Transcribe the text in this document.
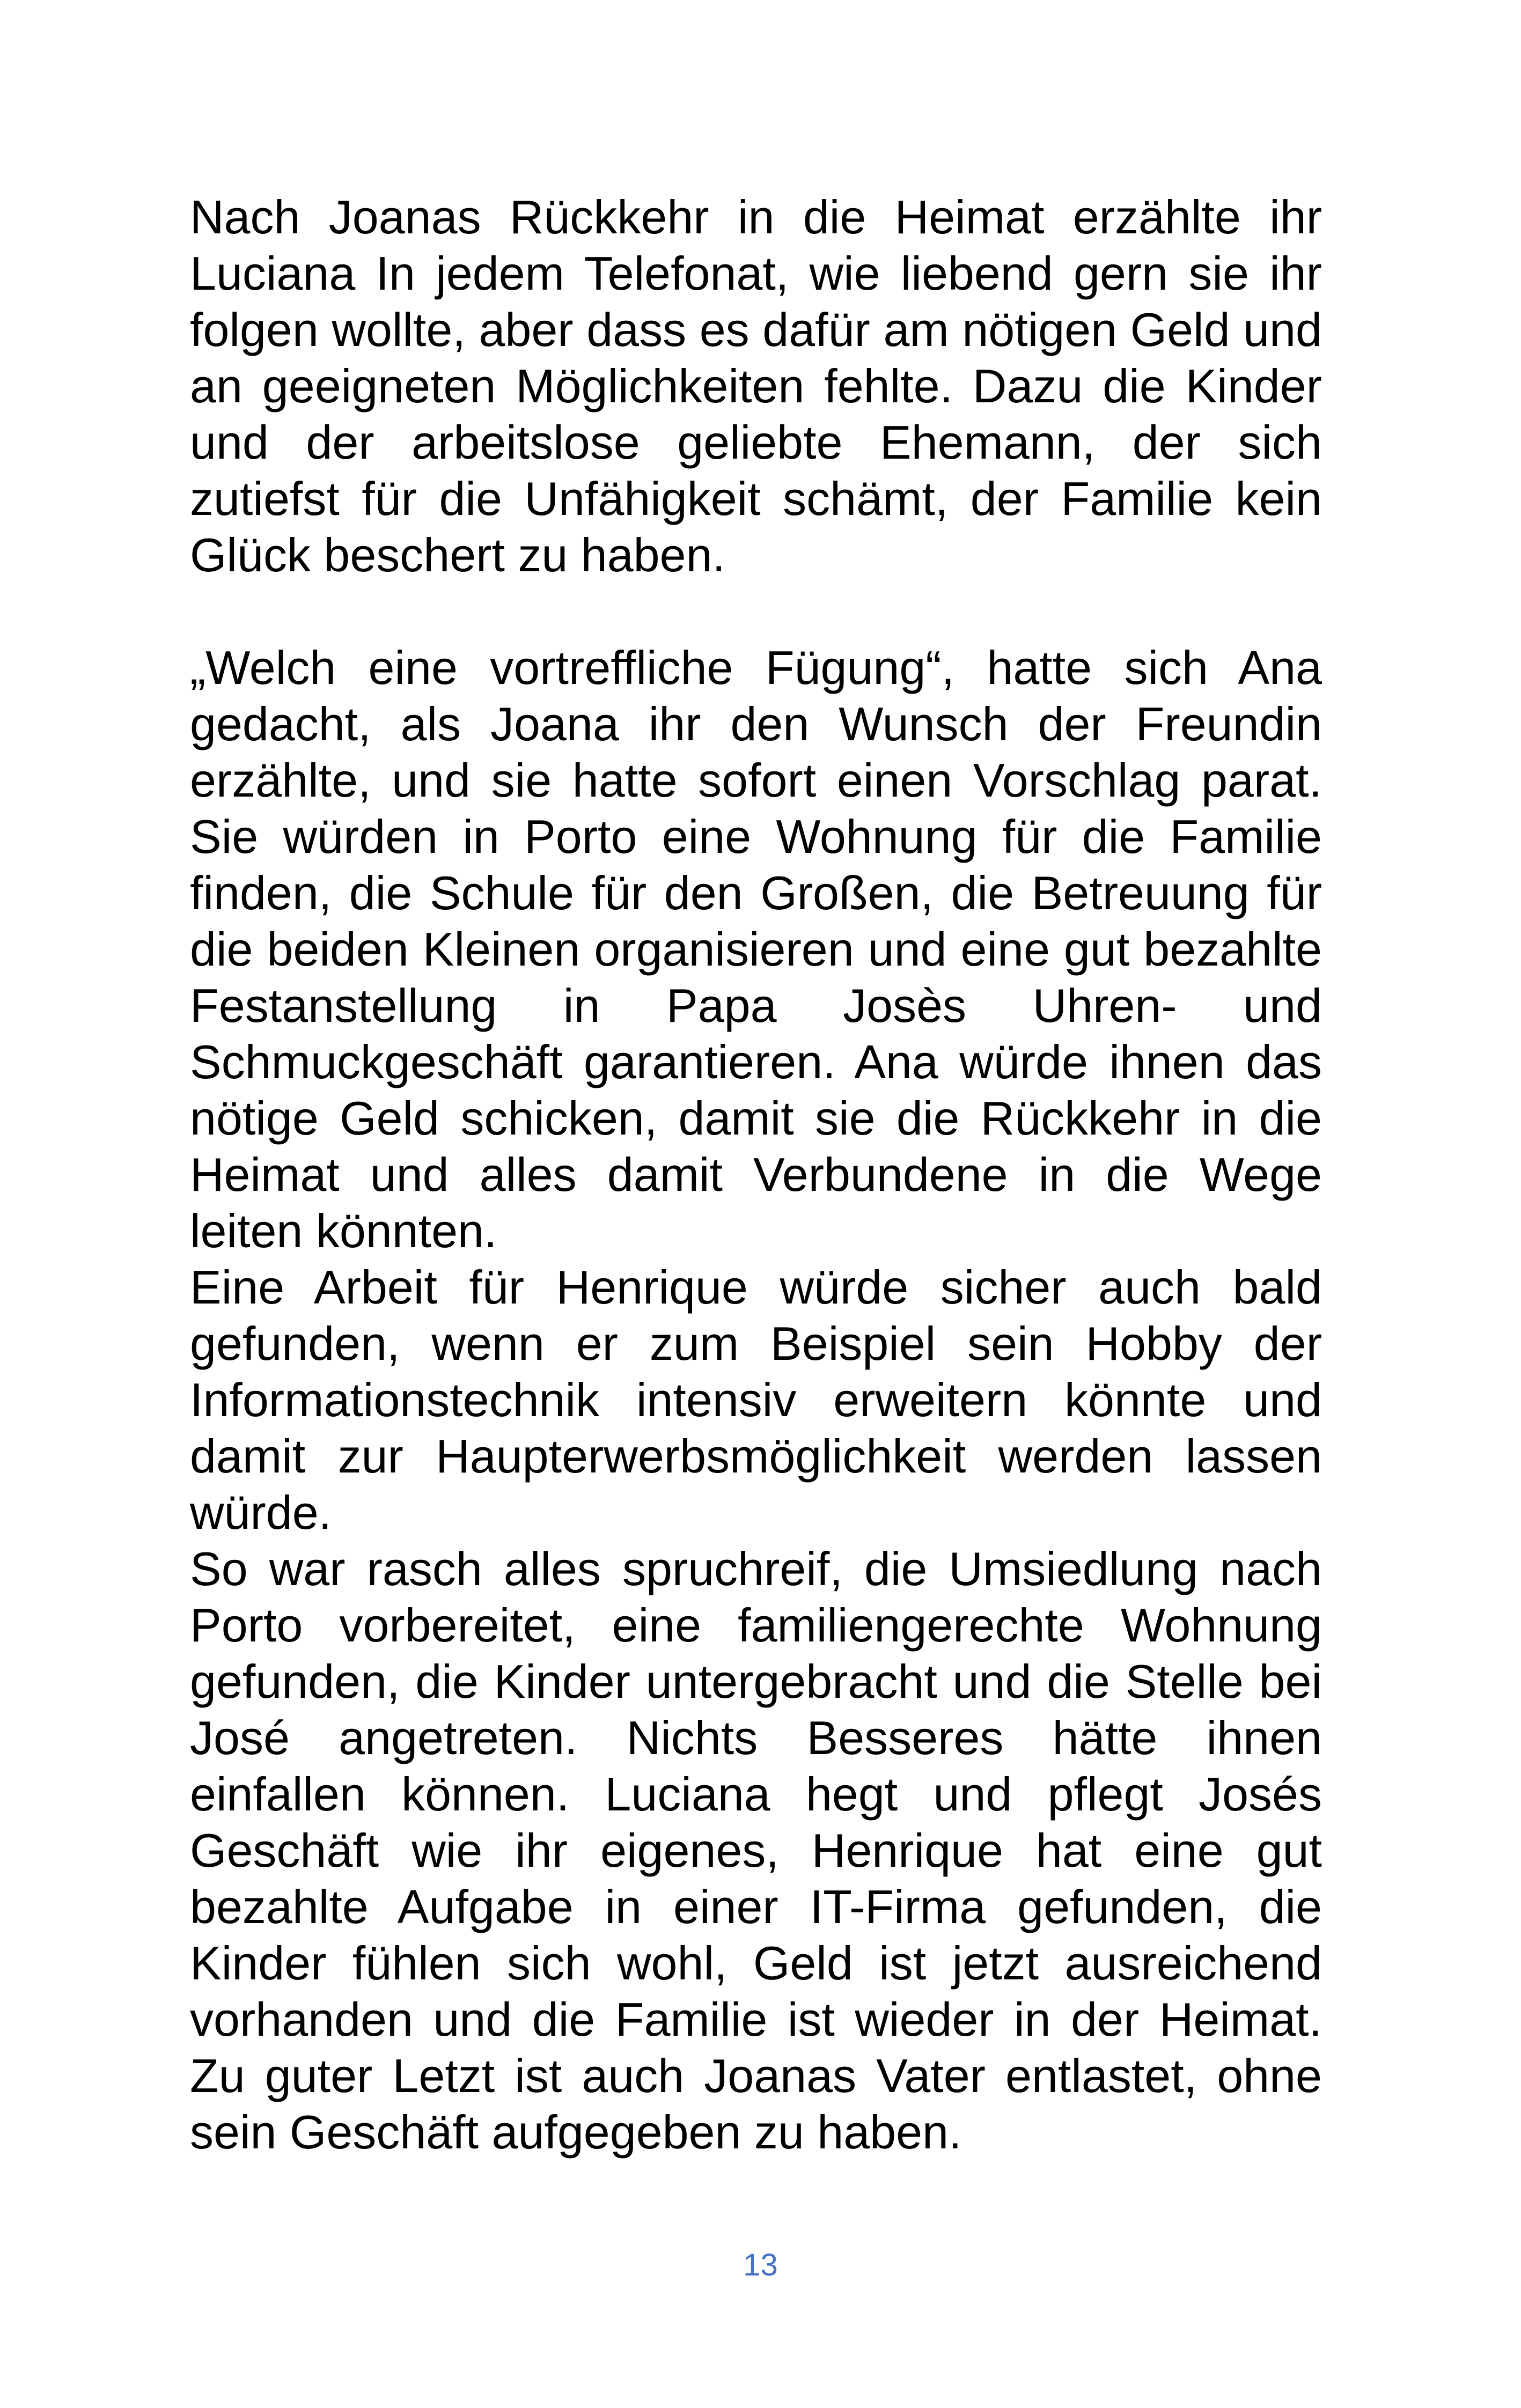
Nach Joanas Rückkehr in die Heimat erzählte ihr Luciana In jedem Telefonat, wie liebend gern sie ihr folgen wollte, aber dass es dafür am nötigen Geld und an geeigneten Möglichkeiten fehlte. Dazu die Kinder und der arbeitslose geliebte Ehemann, der sich zutiefst für die Unfähigkeit schämt, der Familie kein Glück beschert zu haben.

„Welch eine vortreffliche Fügung“, hatte sich Ana gedacht, als Joana ihr den Wunsch der Freundin erzählte, und sie hatte sofort einen Vorschlag parat. Sie würden in Porto eine Wohnung für die Familie finden, die Schule für den Großen, die Betreuung für die beiden Kleinen organisieren und eine gut bezahlte Festanstellung in Papa Josès Uhren- und Schmuckgeschäft garantieren. Ana würde ihnen das nötige Geld schicken, damit sie die Rückkehr in die Heimat und alles damit Verbundene in die Wege leiten könnten.

Eine Arbeit für Henrique würde sicher auch bald gefunden, wenn er zum Beispiel sein Hobby der Informationstechnik intensiv erweitern könnte und damit zur Haupterwerbsmöglichkeit werden lassen würde.

So war rasch alles spruchreif, die Umsiedlung nach Porto vorbereitet, eine familiengerechte Wohnung gefunden, die Kinder untergebracht und die Stelle bei José angetreten. Nichts Besseres hätte ihnen einfallen können. Luciana hegt und pflegt Josés Geschäft wie ihr eigenes, Henrique hat eine gut bezahlte Aufgabe in einer IT-Firma gefunden, die Kinder fühlen sich wohl, Geld ist jetzt ausreichend vorhanden und die Familie ist wieder in der Heimat. Zu guter Letzt ist auch Joanas Vater entlastet, ohne sein Geschäft aufgegeben zu haben.

13
